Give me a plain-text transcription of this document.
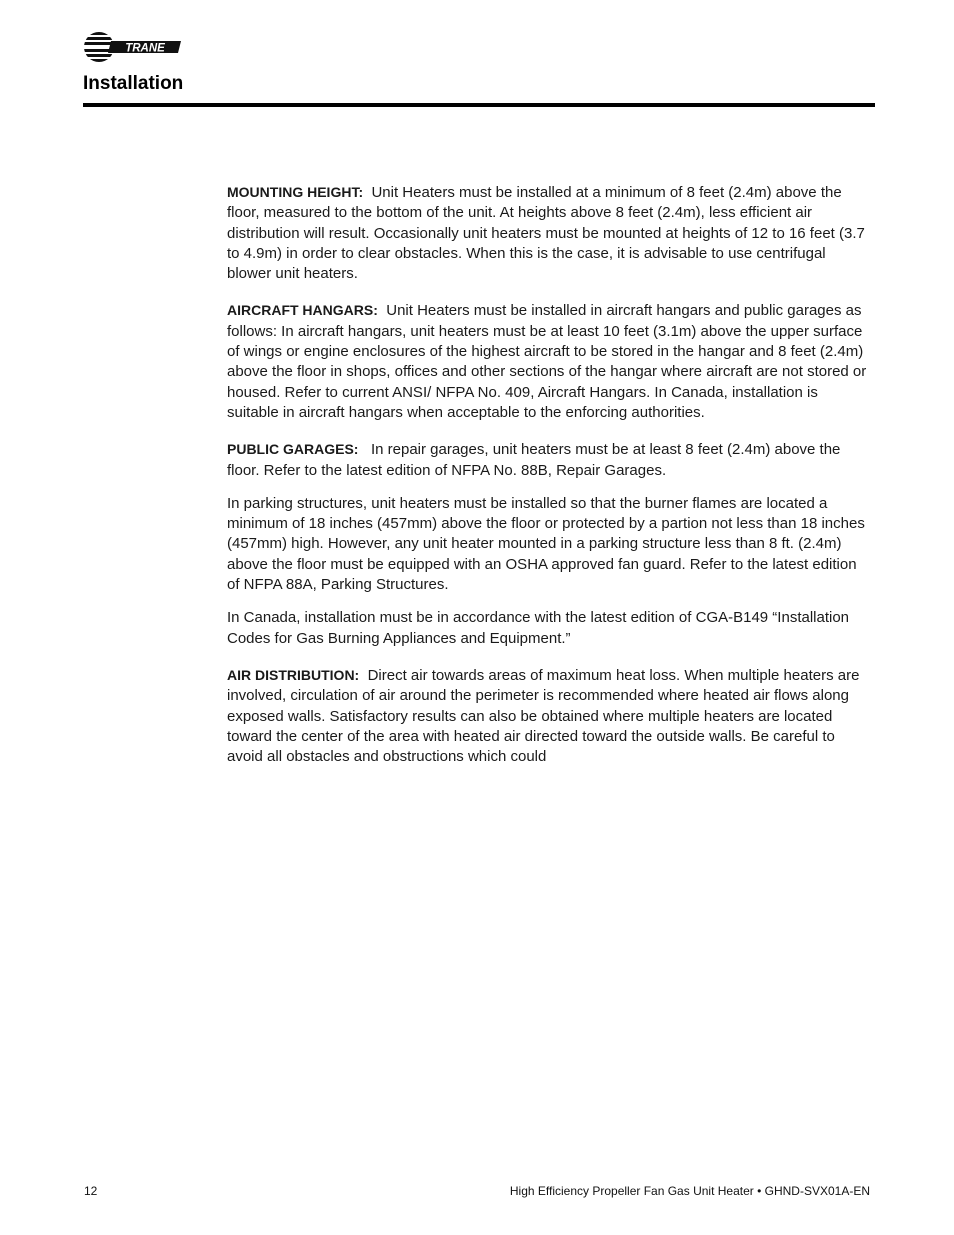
TRANE
Installation

MOUNTING HEIGHT: Unit Heaters must be installed at a minimum of 8 feet (2.4m) above the floor, measured to the bottom of the unit. At heights above 8 feet (2.4m), less efficient air distribution will result. Occasionally unit heaters must be mounted at heights of 12 to 16 feet (3.7 to 4.9m) in order to clear obstacles. When this is the case, it is advisable to use centrifugal blower unit heaters.

AIRCRAFT HANGARS: Unit Heaters must be installed in aircraft hangars and public garages as follows: In aircraft hangars, unit heaters must be at least 10 feet (3.1m) above the upper surface of wings or engine enclosures of the highest aircraft to be stored in the hangar and 8 feet (2.4m) above the floor in shops, offices and other sections of the hangar where aircraft are not stored or housed. Refer to current ANSI/ NFPA No. 409, Aircraft Hangars. In Canada, installation is suitable in aircraft hangars when acceptable to the enforcing authorities.

PUBLIC GARAGES: In repair garages, unit heaters must be at least 8 feet (2.4m) above the floor. Refer to the latest edition of NFPA No. 88B, Repair Garages.

In parking structures, unit heaters must be installed so that the burner flames are located a minimum of 18 inches (457mm) above the floor or protected by a partion not less than 18 inches (457mm) high. However, any unit heater mounted in a parking structure less than 8 ft. (2.4m) above the floor must be equipped with an OSHA approved fan guard. Refer to the latest edition of NFPA 88A, Parking Structures.

In Canada, installation must be in accordance with the latest edition of CGA-B149 “Installation Codes for Gas Burning Appliances and Equipment.”

AIR DISTRIBUTION: Direct air towards areas of maximum heat loss. When multiple heaters are involved, circulation of air around the perimeter is recommended where heated air flows along exposed walls. Satisfactory results can also be obtained where multiple heaters are located toward the center of the area with heated air directed toward the outside walls. Be careful to avoid all obstacles and obstructions which could

12	High Efficiency Propeller Fan Gas Unit Heater • GHND-SVX01A-EN
